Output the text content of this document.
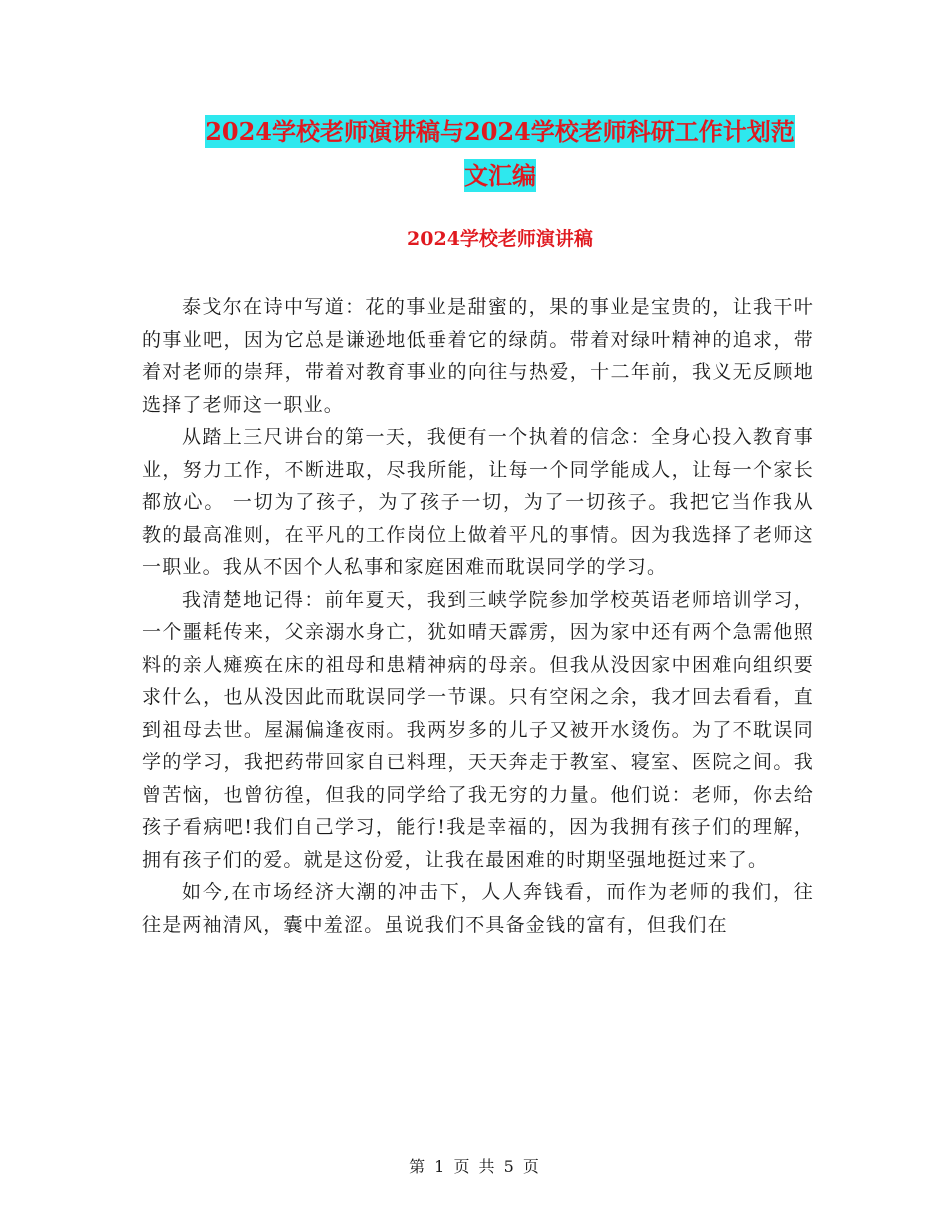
2024学校老师演讲稿与2024学校老师科研工作计划范
文汇编
2024学校老师演讲稿

泰戈尔在诗中写道：花的事业是甜蜜的，果的事业是宝贵的，让我干叶的事业吧，因为它总是谦逊地低垂着它的绿荫。带着对绿叶精神的追求，带着对老师的崇拜，带着对教育事业的向往与热爱，十二年前，我义无反顾地选择了老师这一职业。

从踏上三尺讲台的第一天，我便有一个执着的信念：全身心投入教育事业，努力工作，不断进取，尽我所能，让每一个同学能成人，让每一个家长都放心。 一切为了孩子，为了孩子一切，为了一切孩子。我把它当作我从教的最高准则，在平凡的工作岗位上做着平凡的事情。因为我选择了老师这一职业。我从不因个人私事和家庭困难而耽误同学的学习。

我清楚地记得：前年夏天，我到三峡学院参加学校英语老师培训学习，一个噩耗传来，父亲溺水身亡，犹如晴天霹雳，因为家中还有两个急需他照料的亲人瘫痪在床的祖母和患精神病的母亲。但我从没因家中困难向组织要求什么，也从没因此而耽误同学一节课。只有空闲之余，我才回去看看，直到祖母去世。屋漏偏逢夜雨。我两岁多的儿子又被开水烫伤。为了不耽误同学的学习，我把药带回家自已料理，天天奔走于教室、寝室、医院之间。我曾苦恼，也曾彷徨，但我的同学给了我无穷的力量。他们说：老师，你去给孩子看病吧!我们自己学习，能行!我是幸福的，因为我拥有孩子们的理解，拥有孩子们的爱。就是这份爱，让我在最困难的时期坚强地挺过来了。

如今,在市场经济大潮的冲击下，人人奔钱看，而作为老师的我们，往往是两袖清风，囊中羞涩。虽说我们不具备金钱的富有，但我们在

第 1 页 共 5 页
